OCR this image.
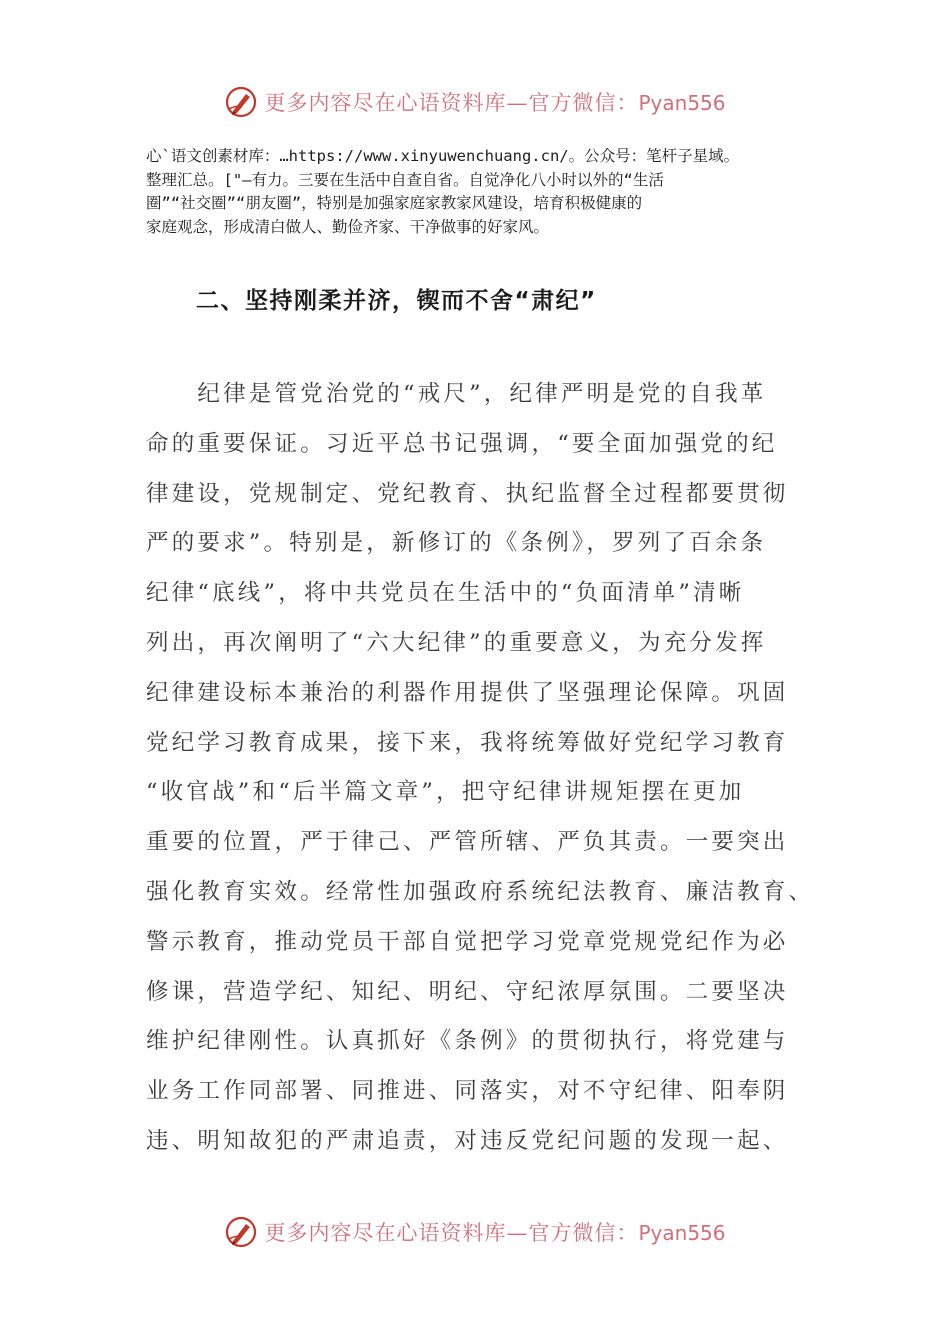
更多内容尽在心语资料库—官方微信：Pyan556
心`语文创素材库：…https://www.xinyuwenchuang.cn/。公众号：笔杆子星域。
整理汇总。["—有力。三要在生活中自查自省。自觉净化八小时以外的“生活
圈”“社交圈”“朋友圈”，特别是加强家庭家教家风建设，培育积极健康的
家庭观念，形成清白做人、勤俭齐家、干净做事的好家风。
二、坚持刚柔并济，锲而不舍“肃纪”
　　纪律是管党治党的“戒尺”，纪律严明是党的自我革
命的重要保证。习近平总书记强调，“要全面加强党的纪
律建设，党规制定、党纪教育、执纪监督全过程都要贯彻
严的要求”。特别是，新修订的《条例》，罗列了百余条
纪律“底线”，将中共党员在生活中的“负面清单”清晰
列出，再次阐明了“六大纪律”的重要意义，为充分发挥
纪律建设标本兼治的利器作用提供了坚强理论保障。巩固
党纪学习教育成果，接下来，我将统筹做好党纪学习教育
“收官战”和“后半篇文章”，把守纪律讲规矩摆在更加
重要的位置，严于律己、严管所辖、严负其责。一要突出
强化教育实效。经常性加强政府系统纪法教育、廉洁教育、
警示教育，推动党员干部自觉把学习党章党规党纪作为必
修课，营造学纪、知纪、明纪、守纪浓厚氛围。二要坚决
维护纪律刚性。认真抓好《条例》的贯彻执行，将党建与
业务工作同部署、同推进、同落实，对不守纪律、阳奉阴
违、明知故犯的严肃追责，对违反党纪问题的发现一起、
更多内容尽在心语资料库—官方微信：Pyan556
